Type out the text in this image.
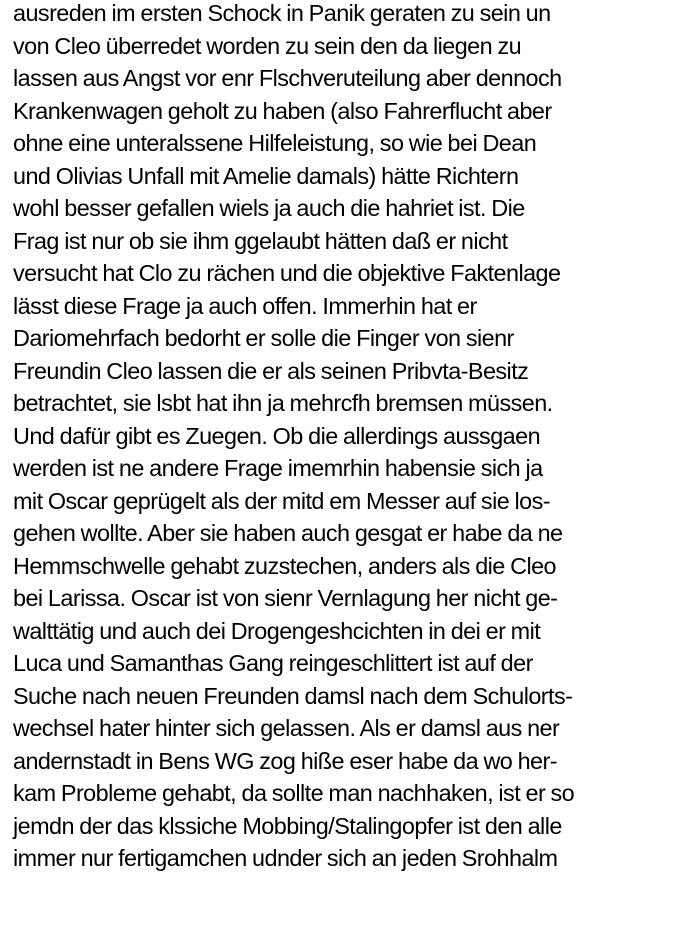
ausreden im ersten Schock in Panik geraten zu sein un
von Cleo überredet worden zu sein den da liegen zu
lassen aus Angst vor enr Flschveruteilung aber dennoch
Krankenwagen geholt zu haben (also Fahrerflucht aber
ohne eine unteralssene Hilfeleistung, so wie bei Dean
und Olivias Unfall mit Amelie damals) hätte Richtern
wohl besser gefallen wiels ja auch die hahriet ist. Die
Frag ist nur ob sie ihm ggelaubt hätten daß er nicht
versucht hat Clo zu rächen und die objektive Faktenlage
lässt diese Frage ja auch offen. Immerhin hat er
Dariomehrfach bedorht er solle die Finger von sienr
Freundin Cleo lassen die er als seinen Pribvta-Besitz
betrachtet, sie lsbt hat ihn ja mehrcfh bremsen müssen.
Und dafür gibt es Zuegen. Ob die allerdings aussgaen
werden ist ne andere Frage imemrhin habensie sich ja
mit Oscar geprügelt als der mitd em Messer auf sie los-
gehen wollte. Aber sie haben auch gesgat er habe da ne
Hemmschwelle gehabt zuzstechen, anders als die Cleo
bei Larissa. Oscar ist von sienr Vernlagung her nicht ge-
walttätig und auch dei Drogengeshcichten in dei er mit
Luca und Samanthas Gang reingeschlittert ist auf der
Suche nach neuen Freunden damsl nach dem Schulorts-
wechsel hater hinter sich gelassen. Als er damsl aus ner
andernstadt in Bens WG zog hiße eser habe da wo her-
kam Probleme gehabt, da sollte man nachhaken, ist er so
jemdn der das klssiche Mobbing/Stalingopfer ist den alle
immer nur fertigamchen udnder sich an jeden Srohhalm
